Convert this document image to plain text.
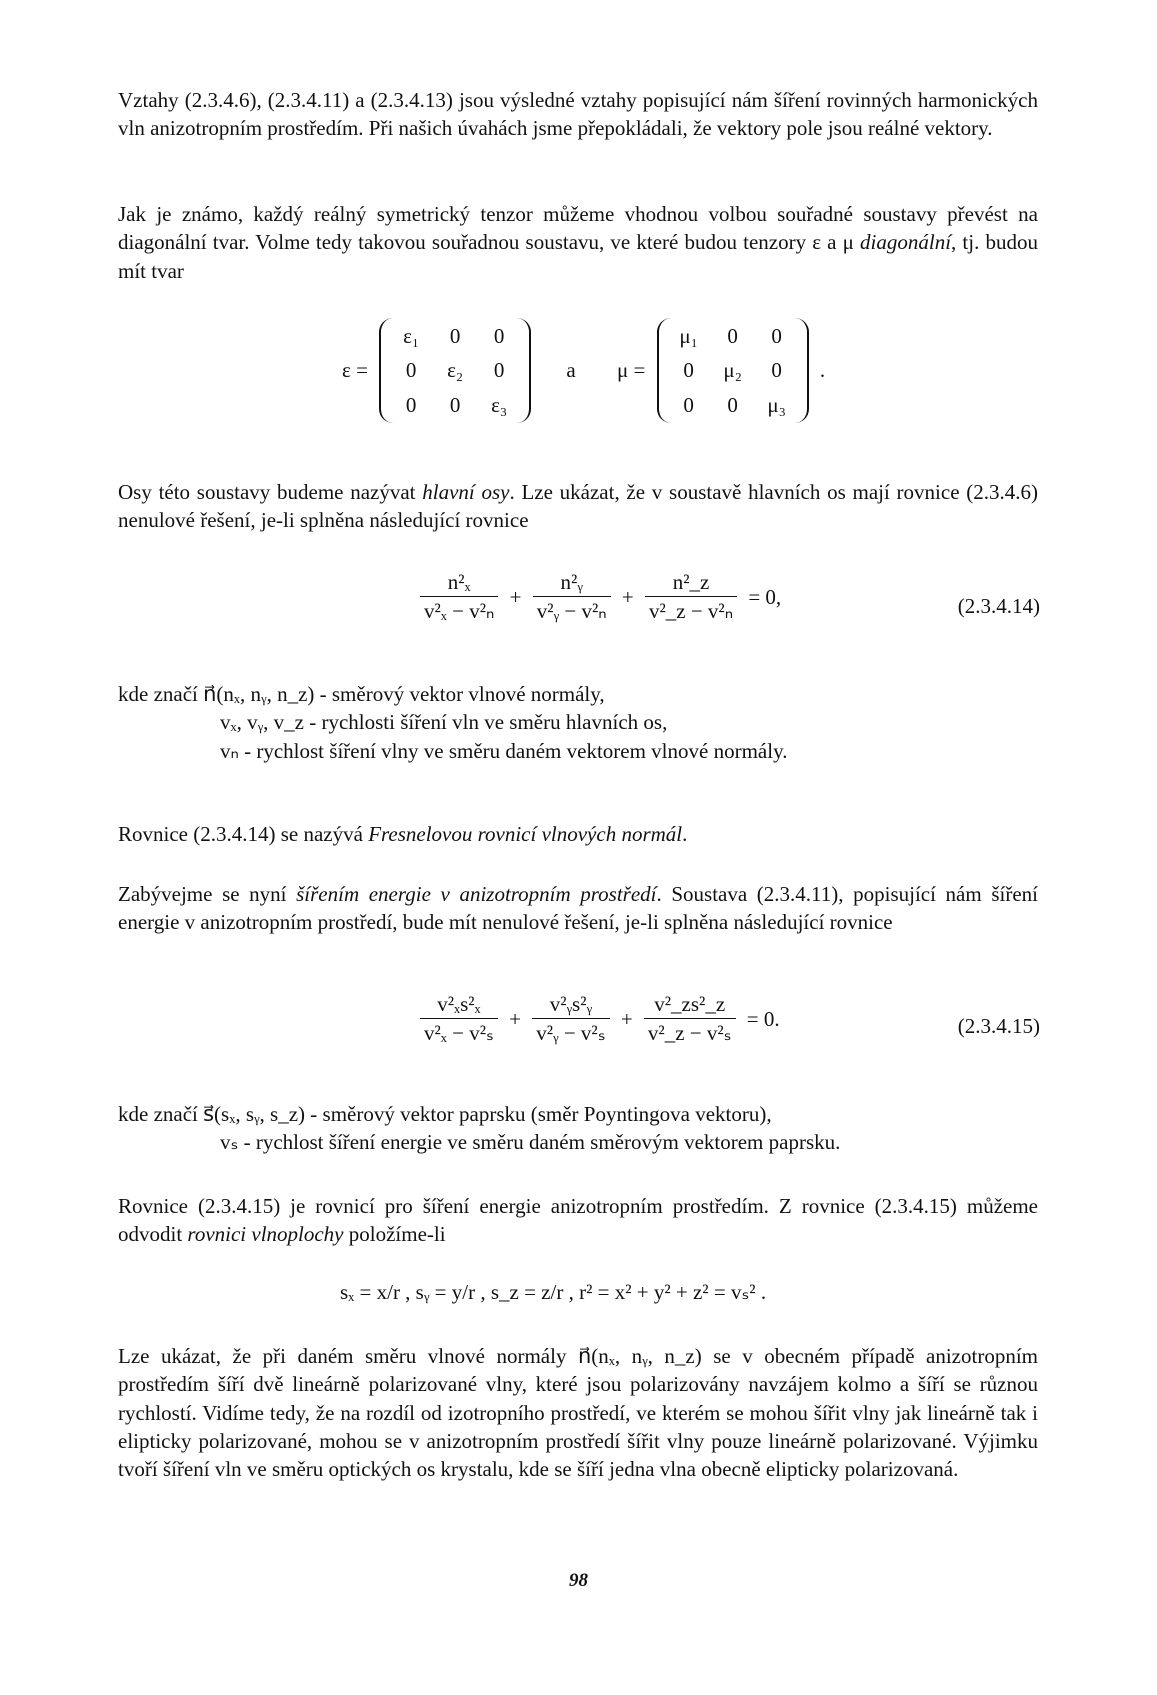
Vztahy (2.3.4.6), (2.3.4.11) a (2.3.4.13) jsou výsledné vztahy popisující nám šíření rovinných harmonických vln anizotropním prostředím. Při našich úvahách jsme přepokládali, že vektory pole jsou reálné vektory.

Jak je známo, každý reálný symetrický tenzor můžeme vhodnou volbou souřadné soustavy převést na diagonální tvar. Volme tedy takovou souřadnou soustavu, ve které budou tenzory ε a μ diagonální, tj. budou mít tvar

ε =
ε₁	0	0
0	ε₂	0
0	0	ε₃
a μ =
μ₁	0	0
0	μ₂	0
0	0	μ₃
.

Osy této soustavy budeme nazývat hlavní osy. Lze ukázat, že v soustavě hlavních os mají rovnice (2.3.4.6) nenulové řešení, je-li splněna následující rovnice

$\frac{\text{n²ₓ}}{\text{v²ₓ − v²ₙ}} + \frac{\text{n²ᵧ}}{\text{v²ᵧ − v²ₙ}} + \frac{\text{n²\_z}}{\text{v²\_z − v²ₙ}} = 0$,	(2.3.4.14)

kde značí n⃗(nₓ, nᵧ, n_z) - směrový vektor vlnové normály,

vₓ, vᵧ, v_z - rychlosti šíření vln ve směru hlavních os,

vₙ - rychlost šíření vlny ve směru daném vektorem vlnové normály.

Rovnice (2.3.4.14) se nazývá Fresnelovou rovnicí vlnových normál.

Zabývejme se nyní šířením energie v anizotropním prostředí. Soustava (2.3.4.11), popisující nám šíření energie v anizotropním prostředí, bude mít nenulové řešení, je-li splněna následující rovnice

$\frac{\text{v²ₓs²ₓ}}{\text{v²ₓ − v²ₛ}} + \frac{\text{v²ᵧs²ᵧ}}{\text{v²ᵧ − v²ₛ}} + \frac{\text{v²\_zs²\_z}}{\text{v²\_z − v²ₛ}} = 0$.	(2.3.4.15)

kde značí s⃗(sₓ, sᵧ, s_z) - směrový vektor paprsku (směr Poyntingova vektoru),

vₛ - rychlost šíření energie ve směru daném směrovým vektorem paprsku.

Rovnice (2.3.4.15) je rovnicí pro šíření energie anizotropním prostředím. Z rovnice (2.3.4.15) můžeme odvodit rovnici vlnoplochy položíme-li

sₓ = x/r , sᵧ = y/r , s_z = z/r , r² = x² + y² + z² = vₛ² .

Lze ukázat, že při daném směru vlnové normály n⃗(nₓ, nᵧ, n_z) se v obecném případě anizotropním prostředím šíří dvě lineárně polarizované vlny, které jsou polarizovány navzájem kolmo a šíří se různou rychlostí. Vidíme tedy, že na rozdíl od izotropního prostředí, ve kterém se mohou šířit vlny jak lineárně tak i elipticky polarizované, mohou se v anizotropním prostředí šířit vlny pouze lineárně polarizované. Výjimku tvoří šíření vln ve směru optických os krystalu, kde se šíří jedna vlna obecně elipticky polarizovaná.

98
